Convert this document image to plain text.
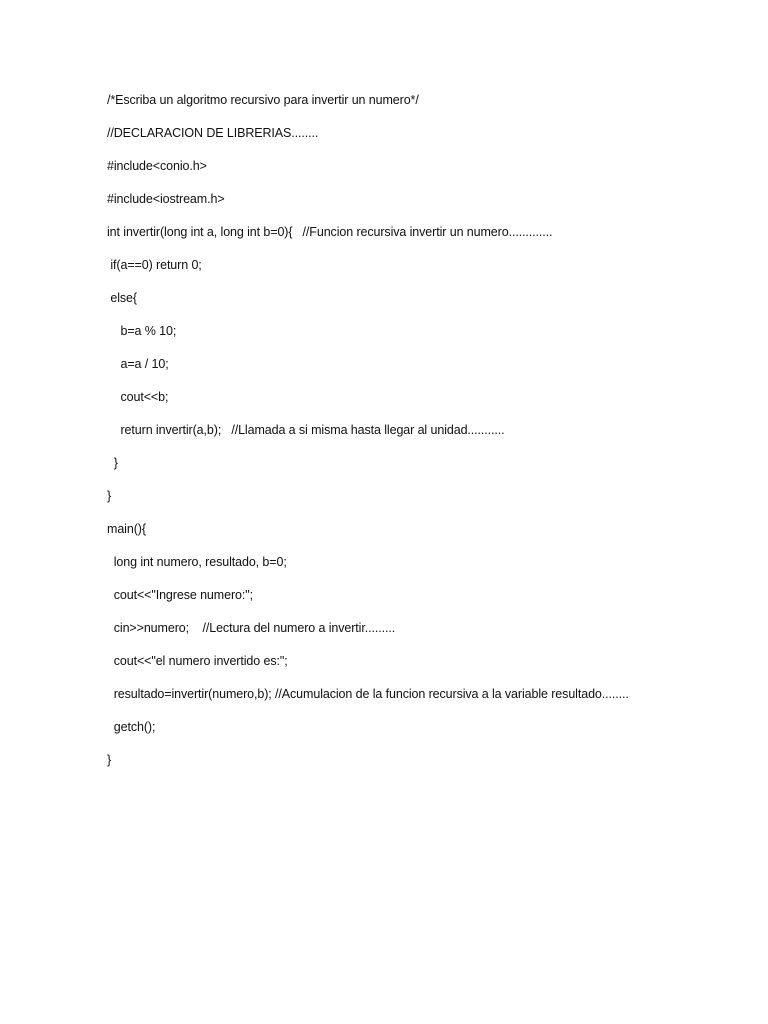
/*Escriba un algoritmo recursivo para invertir un numero*/
//DECLARACION DE LIBRERIAS........
#include<conio.h>
#include<iostream.h>
int invertir(long int a, long int b=0){   //Funcion recursiva invertir un numero.............
if(a==0) return 0;
else{
b=a % 10;
a=a / 10;
cout<<b;
return invertir(a,b);   //Llamada a si misma hasta llegar al unidad...........
}
}
main(){
long int numero, resultado, b=0;
cout<<"Ingrese numero:";
cin>>numero;    //Lectura del numero a invertir.........
cout<<"el numero invertido es:";
resultado=invertir(numero,b); //Acumulacion de la funcion recursiva a la variable resultado........
getch();
}
